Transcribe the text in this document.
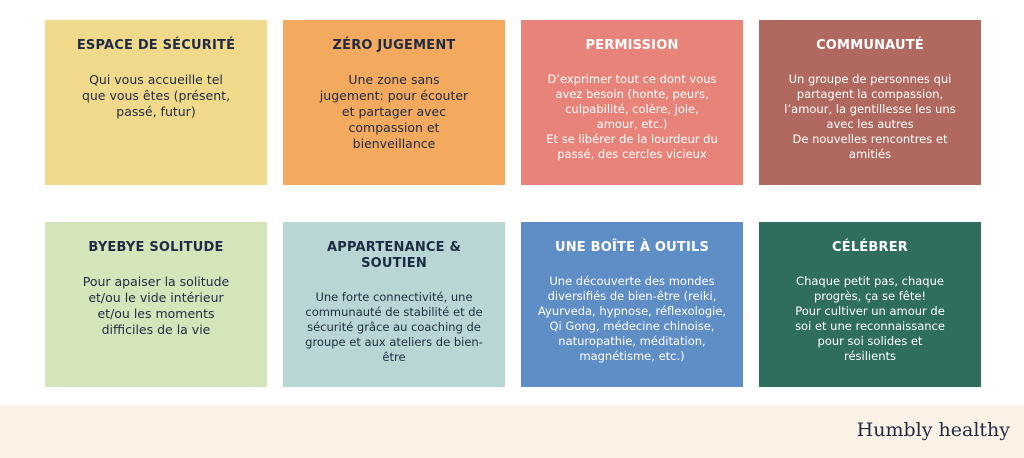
ESPACE DE SÉCURITÉ
Qui vous accueille tel
que vous êtes (présent,
passé, futur)
ZÉRO JUGEMENT
Une zone sans
jugement: pour écouter
et partager avec
compassion et
bienveillance
PERMISSION
D’exprimer tout ce dont vous
avez besoin (honte, peurs,
culpabilité, colère, joie,
amour, etc.)
Et se libérer de la lourdeur du
passé, des cercles vicieux
COMMUNAUTÉ
Un groupe de personnes qui
partagent la compassion,
l’amour, la gentillesse les uns
avec les autres
De nouvelles rencontres et
amitiés
BYEBYE SOLITUDE
Pour apaiser la solitude
et/ou le vide intérieur
et/ou les moments
difficiles de la vie
APPARTENANCE & SOUTIEN
Une forte connectivité, une
communauté de stabilité et de
sécurité grâce au coaching de
groupe et aux ateliers de bien-
être
UNE BOÎTE À OUTILS
Une découverte des mondes
diversifiés de bien-être (reiki,
Ayurveda, hypnose, réflexologie,
Qi Gong, médecine chinoise,
naturopathie, méditation,
magnétisme, etc.)
CÉLÉBRER
Chaque petit pas, chaque
progrès, ça se fête!
Pour cultiver un amour de
soi et une reconnaissance
pour soi solides et
résilients
Humbly healthy
